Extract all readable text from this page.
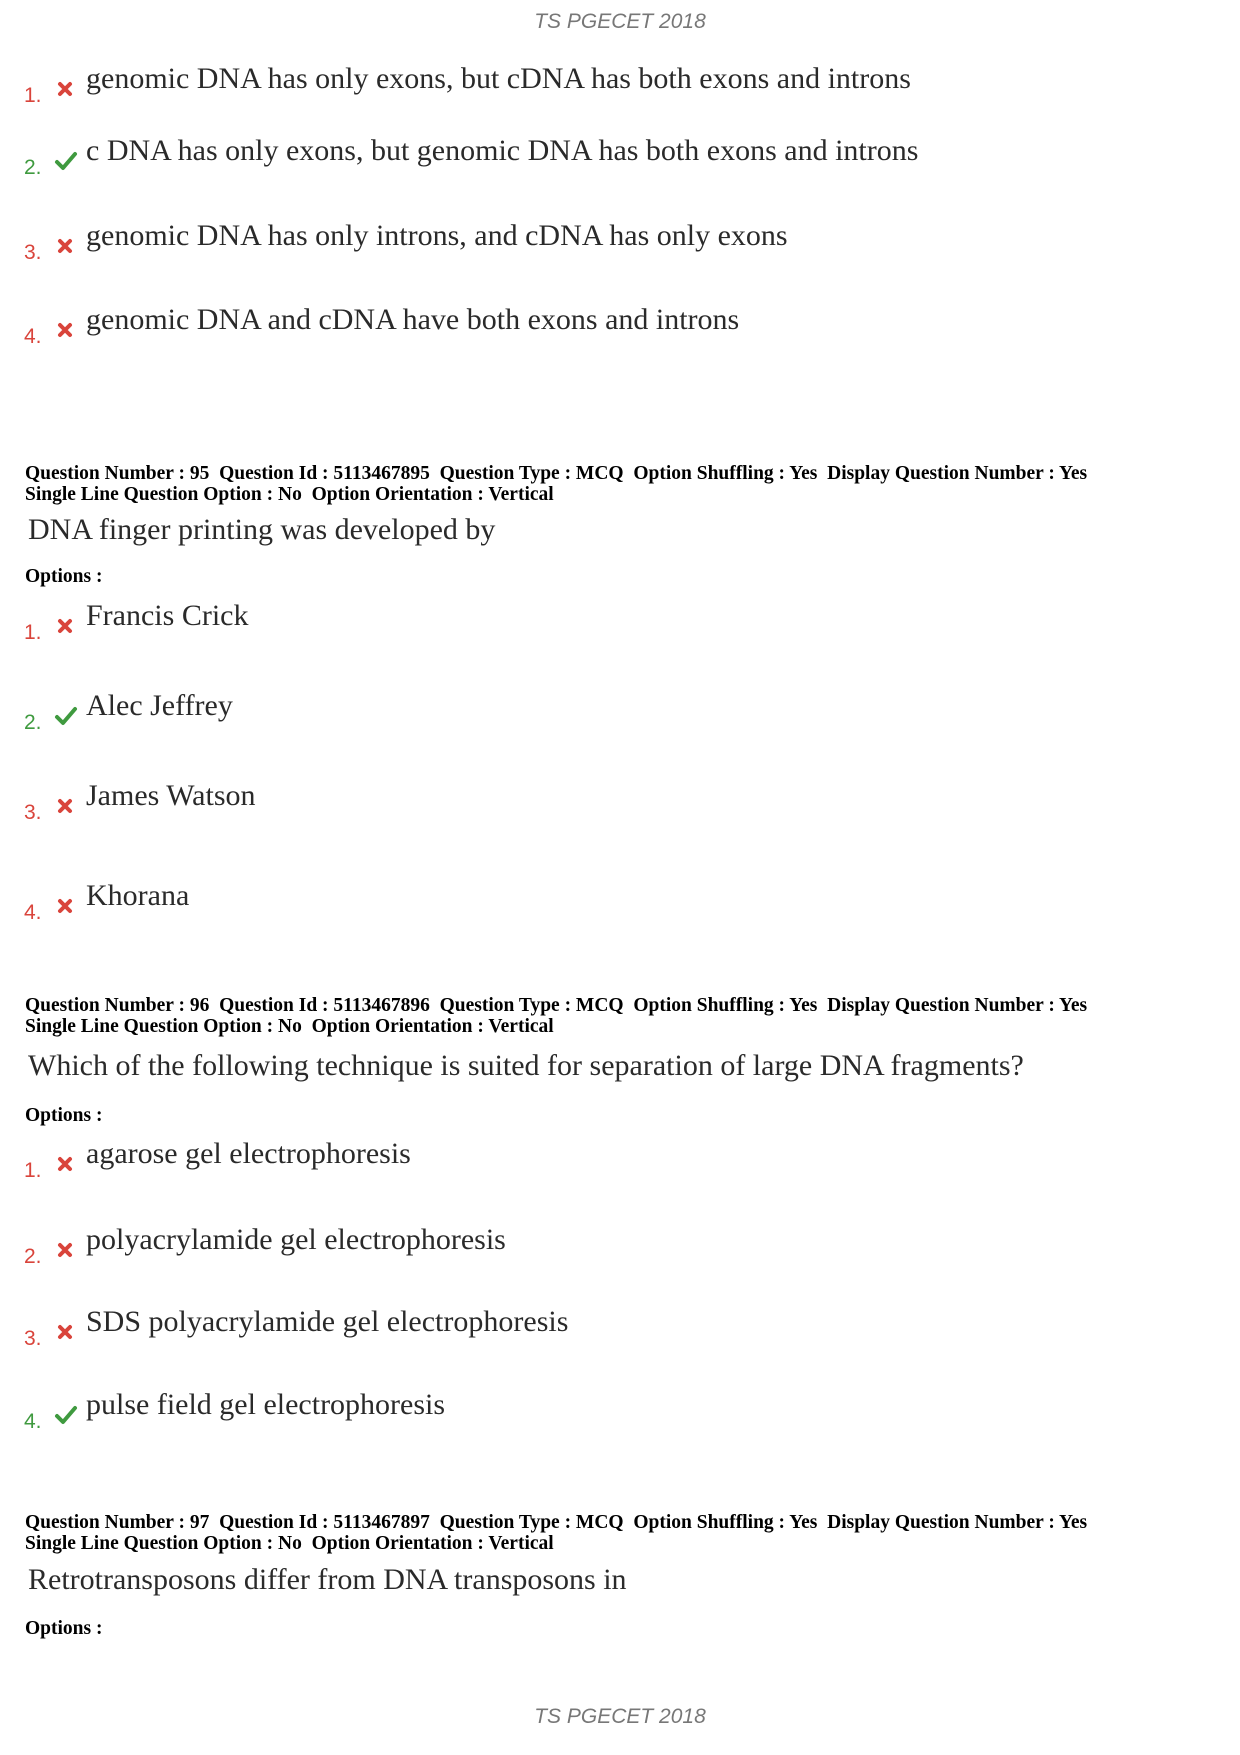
TS PGECET 2018
1.
genomic DNA has only exons, but cDNA has both exons and introns
2.
c DNA has only exons, but genomic DNA has both exons and introns
3.
genomic DNA has only introns, and cDNA has only exons
4.
genomic DNA and cDNA have both exons and introns
Question Number : 95  Question Id : 5113467895  Question Type : MCQ  Option Shuffling : Yes  Display Question Number : Yes
Single Line Question Option : No  Option Orientation : Vertical
DNA finger printing was developed by
Options :
1.
Francis Crick
2.
Alec Jeffrey
3.
James Watson
4.
Khorana
Question Number : 96  Question Id : 5113467896  Question Type : MCQ  Option Shuffling : Yes  Display Question Number : Yes
Single Line Question Option : No  Option Orientation : Vertical
Which of the following technique is suited for separation of large DNA fragments?
Options :
1.
agarose gel electrophoresis
2.
polyacrylamide gel electrophoresis
3.
SDS polyacrylamide gel electrophoresis
4.
pulse field gel electrophoresis
Question Number : 97  Question Id : 5113467897  Question Type : MCQ  Option Shuffling : Yes  Display Question Number : Yes
Single Line Question Option : No  Option Orientation : Vertical
Retrotransposons differ from DNA transposons in
Options :
TS PGECET 2018
